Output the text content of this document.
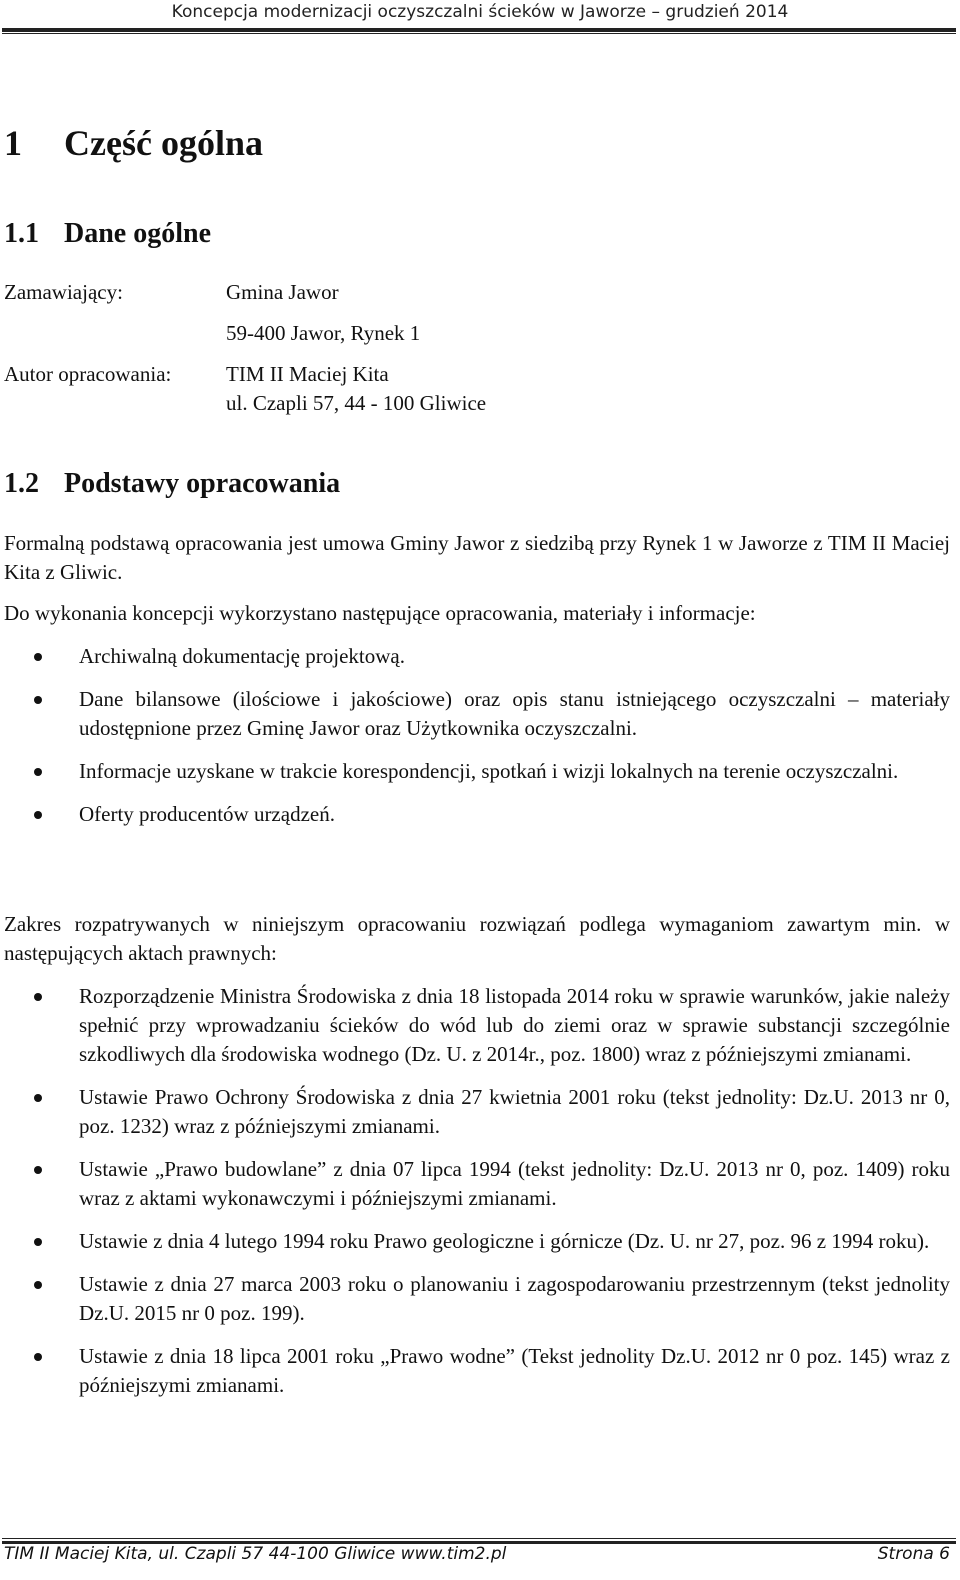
Koncepcja modernizacji oczyszczalni ścieków w Jaworze – grudzień 2014
1 Część ogólna
1.1 Dane ogólne
Zamawiający:	Gmina Jawor
59-400 Jawor, Rynek 1
Autor opracowania:	TIM II Maciej Kita
ul. Czapli 57, 44 - 100 Gliwice
1.2 Podstawy opracowania
Formalną podstawą opracowania jest umowa Gminy Jawor z siedzibą przy Rynek 1 w Jaworze z TIM II Maciej Kita z Gliwic.
Do wykonania koncepcji wykorzystano następujące opracowania, materiały i informacje:
Archiwalną dokumentację projektową.
Dane bilansowe (ilościowe i jakościowe) oraz opis stanu istniejącego oczyszczalni – materiały udostępnione przez Gminę Jawor oraz Użytkownika oczyszczalni.
Informacje uzyskane w trakcie korespondencji, spotkań i wizji lokalnych na terenie oczyszczalni.
Oferty producentów urządzeń.
Zakres rozpatrywanych w niniejszym opracowaniu rozwiązań podlega wymaganiom zawartym min. w następujących aktach prawnych:
Rozporządzenie Ministra Środowiska z dnia 18 listopada 2014 roku w sprawie warunków, jakie należy spełnić przy wprowadzaniu ścieków do wód lub do ziemi oraz w sprawie substancji szczególnie szkodliwych dla środowiska wodnego (Dz. U. z 2014r., poz. 1800) wraz z późniejszymi zmianami.
Ustawie Prawo Ochrony Środowiska z dnia 27 kwietnia 2001 roku (tekst jednolity: Dz.U. 2013 nr 0, poz. 1232) wraz z późniejszymi zmianami.
Ustawie „Prawo budowlane” z dnia 07 lipca 1994 (tekst jednolity: Dz.U. 2013 nr 0, poz. 1409) roku wraz z aktami wykonawczymi i późniejszymi zmianami.
Ustawie z dnia 4 lutego 1994 roku Prawo geologiczne i górnicze (Dz. U. nr 27, poz. 96 z 1994 roku).
Ustawie z dnia 27 marca 2003 roku o planowaniu i zagospodarowaniu przestrzennym (tekst jednolity Dz.U. 2015 nr 0 poz. 199).
Ustawie z dnia 18 lipca 2001 roku „Prawo wodne” (Tekst jednolity Dz.U. 2012 nr 0 poz. 145) wraz z późniejszymi zmianami.
TIM II Maciej Kita, ul. Czapli 57 44-100 Gliwice www.tim2.pl	Strona 6
